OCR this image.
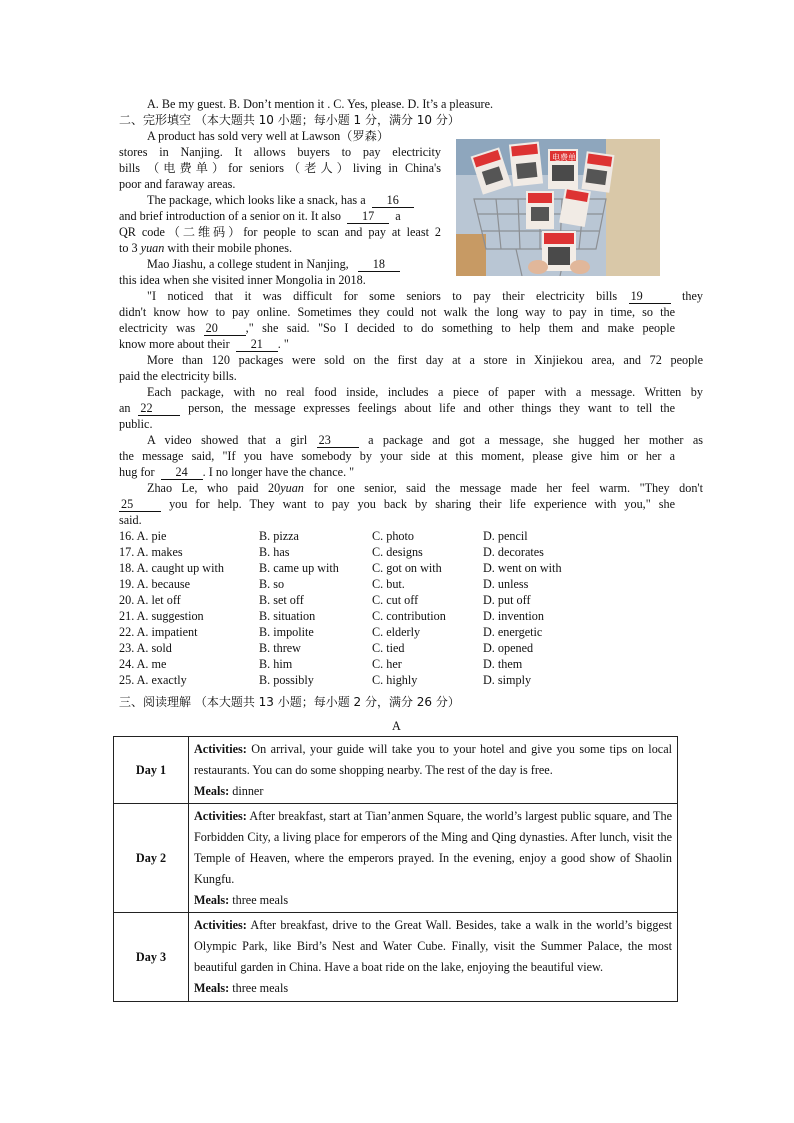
A. Be my guest. B. Don’t mention it . C. Yes, please. D. It’s a pleasure.
二、完形填空 （本大题共 10 小题；每小题 1 分，满分 10 分）
A product has sold very well at Lawson（罗森）
stores in Nanjing. It allows buyers to pay electricity
bills （电费单）for seniors（老人）living in China's
poor and faraway areas.
The package, which looks like a snack, has a 16
and brief introduction of a senior on it. It also 17 a
QR code（二维码）for people to scan and pay at least 2
to 3 yuan with their mobile phones.
Mao Jiashu, a college student in Nanjing, 18
this idea when she visited inner Mongolia in 2018.
电费单
"I noticed that it was difficult for some seniors to pay their electricity bills 19	they
didn't know how to pay online. Sometimes they could not walk the long way to pay in time, so the
electricity was 20 ," she said. "So I decided to do something to help them and make people
know more about their 21 . "
More than 120 packages were sold on the first day at a store in Xinjiekou area, and 72 people
paid the electricity bills.
Each package, with no real food inside, includes a piece of paper with a message. Written by
an 22	person, the message expresses feelings about life and other things they want to tell the
public.
A video showed that a girl 23	a package and got a message, she hugged her mother as
the message said, "If you have somebody by your side at this moment, please give him or her a
hug for 24 . I no longer have the chance. "
Zhao Le, who paid 20yuan for one senior, said the message made her feel warm. "They don't
25	you for help. They want to pay you back by sharing their life experience with you," she
said.
16. A. pie	B. pizza	C. photo	D. pencil
17. A. makes	B. has	C. designs	D. decorates
18. A. caught up with	B. came up with	C. got on with	D. went on with
19. A. because	B. so	C. but.	D. unless
20. A. let off	B. set off	C. cut off	D. put off
21. A. suggestion	B. situation	C. contribution	D. invention
22. A. impatient	B. impolite	C. elderly	D. energetic
23. A. sold	B. threw	C. tied	D. opened
24. A. me	B. him	C. her	D. them
25. A. exactly	B. possibly	C. highly	D. simply
三、阅读理解 （本大题共 13 小题；每小题 2 分，满分 26 分）
A
Day 1	Activities: On arrival, your guide will take you to your hotel and give you some tips on local restaurants. You can do some shopping nearby. The rest of the day is free.
Meals: dinner

Day 2	Activities: After breakfast, start at Tian’anmen Square, the world’s largest public square, and The Forbidden City, a living place for emperors of the Ming and Qing dynasties. After lunch, visit the Temple of Heaven, where the emperors prayed. In the evening, enjoy a good show of Shaolin Kungfu.
Meals: three meals

Day 3	Activities: After breakfast, drive to the Great Wall. Besides, take a walk in the world’s biggest Olympic Park, like Bird’s Nest and Water Cube. Finally, visit the Summer Palace, the most beautiful garden in China. Have a boat ride on the lake, enjoying the beautiful view.
Meals: three meals
